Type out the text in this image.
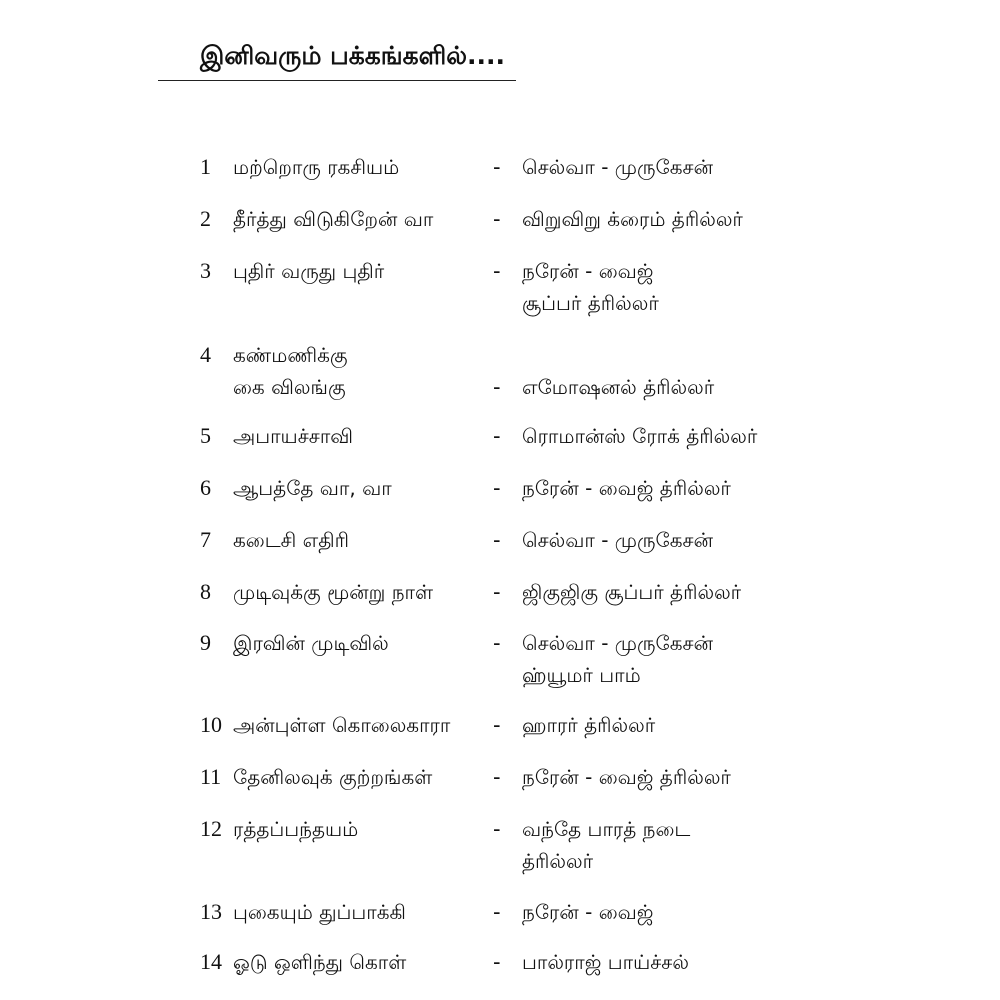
இனிவரும் பக்கங்களில்....
1 மற்றொரு ரகசியம்	- செல்வா - முருகேசன்
2 தீர்த்து விடுகிறேன் வா	- விறுவிறு க்ரைம் த்ரில்லர்
3 புதிர் வருது புதிர்	- நரேன் - வைஜ்
சூப்பர் த்ரில்லர்
4 கண்மணிக்கு
கை விலங்கு	- எமோஷனல் த்ரில்லர்
5 அபாயச்சாவி	- ரொமான்ஸ் ரோக் த்ரில்லர்
6 ஆபத்தே வா, வா	- நரேன் - வைஜ் த்ரில்லர்
7 கடைசி எதிரி	- செல்வா - முருகேசன்
8 முடிவுக்கு மூன்று நாள்	- ஜிகுஜிகு சூப்பர் த்ரில்லர்
9 இரவின் முடிவில்	- செல்வா - முருகேசன்
ஹ்யூமர் பாம்
10 அன்புள்ள கொலைகாரா	- ஹாரர் த்ரில்லர்
11 தேனிலவுக் குற்றங்கள்	- நரேன் - வைஜ் த்ரில்லர்
12 ரத்தப்பந்தயம்	- வந்தே பாரத் நடை
த்ரில்லர்
13 புகையும் துப்பாக்கி	- நரேன் - வைஜ்
14 ஓடு ஒளிந்து கொள்	- பால்ராஜ் பாய்ச்சல்
